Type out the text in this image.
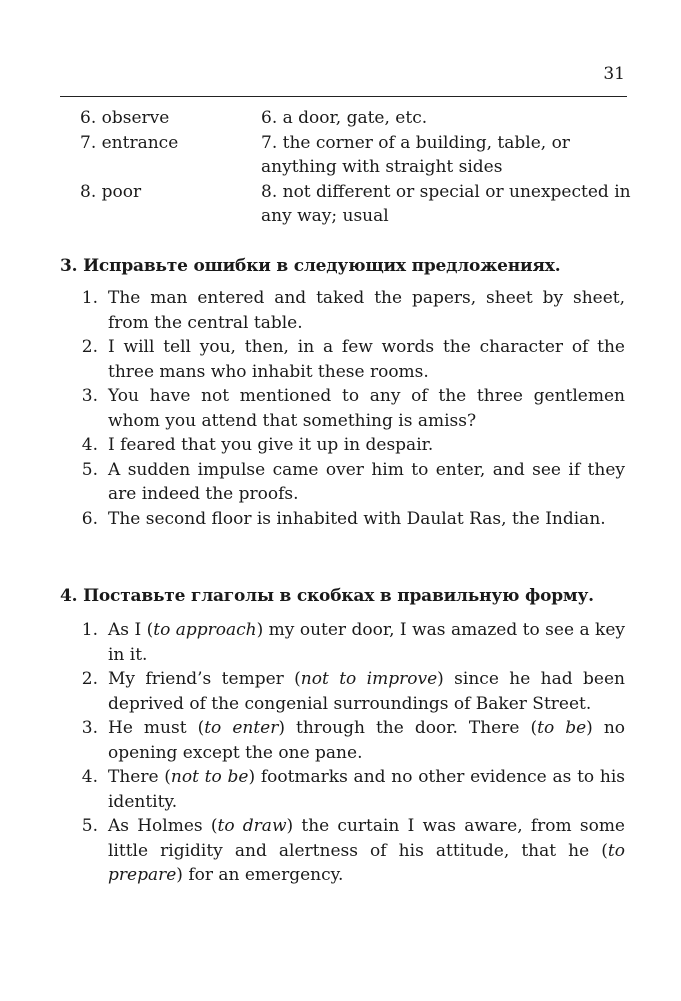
31
6. observe	6. a door, gate, etc.
7. entrance	7. the corner of a building, table, or anything with straight sides
8. poor	8. not different or special or unexpected in any way; usual
3. Исправьте ошибки в следующих предложениях.
1. The man entered and taked the papers, sheet by sheet, from the central table.
2. I will tell you, then, in a few words the character of the three mans who inhabit these rooms.
3. You have not mentioned to any of the three gentlemen whom you attend that something is amiss?
4. I feared that you give it up in despair.
5. A sudden impulse came over him to enter, and see if they are indeed the proofs.
6. The second floor is inhabited with Daulat Ras, the Indian.
4. Поставьте глаголы в скобках в правильную форму.
1. As I (to approach) my outer door, I was amazed to see a key in it.
2. My friend’s temper (not to improve) since he had been deprived of the congenial surroundings of Baker Street.
3. He must (to enter) through the door. There (to be) no opening except the one pane.
4. There (not to be) footmarks and no other evidence as to his identity.
5. As Holmes (to draw) the curtain I was aware, from some little rigidity and alertness of his attitude, that he (to prepare) for an emergency.
